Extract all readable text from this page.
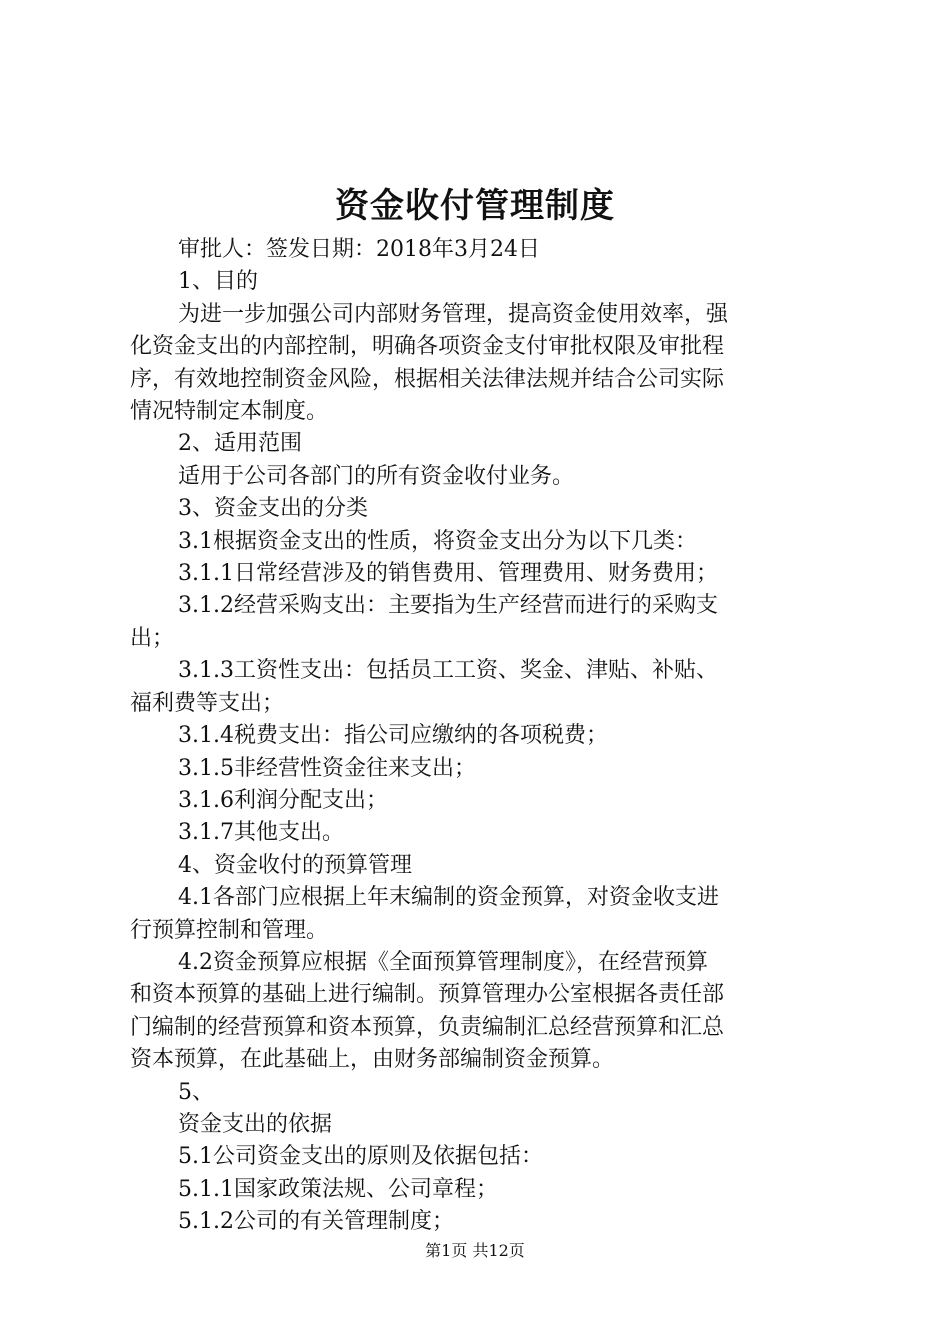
资金收付管理制度

审批人：签发日期：2018年3月24日

1、目的

为进一步加强公司内部财务管理，提高资金使用效率，强

化资金支出的内部控制，明确各项资金支付审批权限及审批程

序，有效地控制资金风险，根据相关法律法规并结合公司实际

情况特制定本制度。

2、适用范围

适用于公司各部门的所有资金收付业务。

3、资金支出的分类

3.1根据资金支出的性质，将资金支出分为以下几类：

3.1.1日常经营涉及的销售费用、管理费用、财务费用；

3.1.2经营采购支出：主要指为生产经营而进行的采购支

出；

3.1.3工资性支出：包括员工工资、奖金、津贴、补贴、

福利费等支出；

3.1.4税费支出：指公司应缴纳的各项税费；

3.1.5非经营性资金往来支出；

3.1.6利润分配支出；

3.1.7其他支出。

4、资金收付的预算管理

4.1各部门应根据上年末编制的资金预算，对资金收支进

行预算控制和管理。

4.2资金预算应根据《全面预算管理制度》，在经营预算

和资本预算的基础上进行编制。预算管理办公室根据各责任部

门编制的经营预算和资本预算，负责编制汇总经营预算和汇总

资本预算，在此基础上，由财务部编制资金预算。

5、

资金支出的依据

5.1公司资金支出的原则及依据包括：

5.1.1国家政策法规、公司章程；

5.1.2公司的有关管理制度；

第1页 共12页
